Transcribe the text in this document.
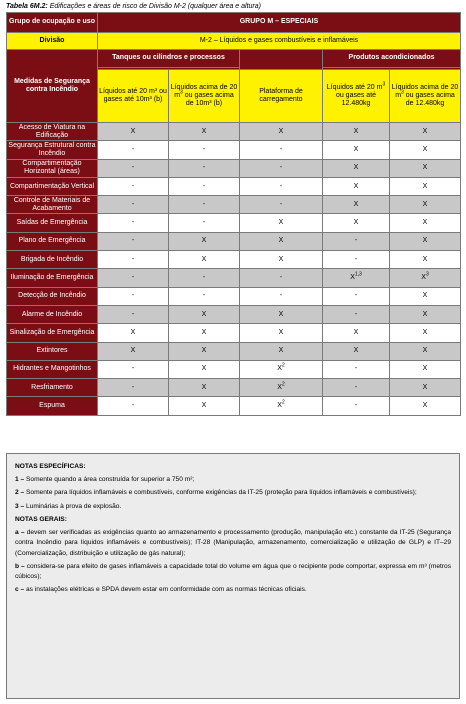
Tabela 6M.2: Edificações e áreas de risco de Divisão M-2 (qualquer área e altura)
Grupo de ocupação e uso	GRUPO M – ESPECIAIS				
Divisão	M-2 – Líquidos e gases combustíveis e inflamáveis				
Medidas de Segurança contra Incêndio	Tanques ou cilindros e processos			Produtos acondicionados	

	Líquidos até 20 m³ ou gases até 10m³ (b)	Líquidos acima de 20 $m^3$ ou gases acima de 10m³ (b)	Plataforma de carregamento	Líquidos até 20 $m^3$ ou gases até 12.480kg	Líquidos acima de 20 $m^3$ ou gases acima de 12.480kg
Acesso de Viatura na Edificação	X	X	X	X	X
Segurança Estrutural contra Incêndio	-	-	-	X	X
Compartimentação Horizontal (áreas)	-	-	-	X	X
Compartimentação Vertical	-	-	-	X	X
Controle de Materiais de Acabamento	-	-	-	X	X
Saídas de Emergência	-	-	X	X	X
Plano de Emergência	-	X	X	-	X
Brigada de Incêndio	-	X	X	-	X
Iluminação de Emergência	-	-	-	X$^{1,3}$	$X^3$
Detecção de Incêndio	-	-	-	-	X
Alarme de Incêndio	-	X	X	-	X
Sinalização de Emergência	X	X	X	X	X
Extintores	X	X	X	X	X
Hidrantes e Mangotinhos	-	X	$X^2$	-	X
Resfriamento	-	X	$X^2$	-	X
Espuma	-	X	$X^2$	-	X
NOTAS ESPECÍFICAS:

1 – Somente quando a área construída for superior a 750 m²;

2 – Somente para líquidos inflamáveis e combustíveis, conforme exigências da IT-25 (proteção para líquidos inflamáveis e combustíveis);

3 – Luminárias à prova de explosão.

NOTAS GERAIS:

a – devem ser verificadas as exigências quanto ao armazenamento e processamento (produção, manipulação etc.) constante da IT-25 (Segurança contra Incêndio para líquidos inflamáveis e combustíveis); IT-28 (Manipulação, armazenamento, comercialização e utilização de GLP) e IT–29 (Comercialização, distribuição e utilização de gás natural);

b – considera-se para efeito de gases inflamáveis a capacidade total do volume em água que o recipiente pode comportar, expressa em m³ (metros cúbicos);

c – as instalações elétricas e SPDA devem estar em conformidade com as normas técnicas oficiais.
